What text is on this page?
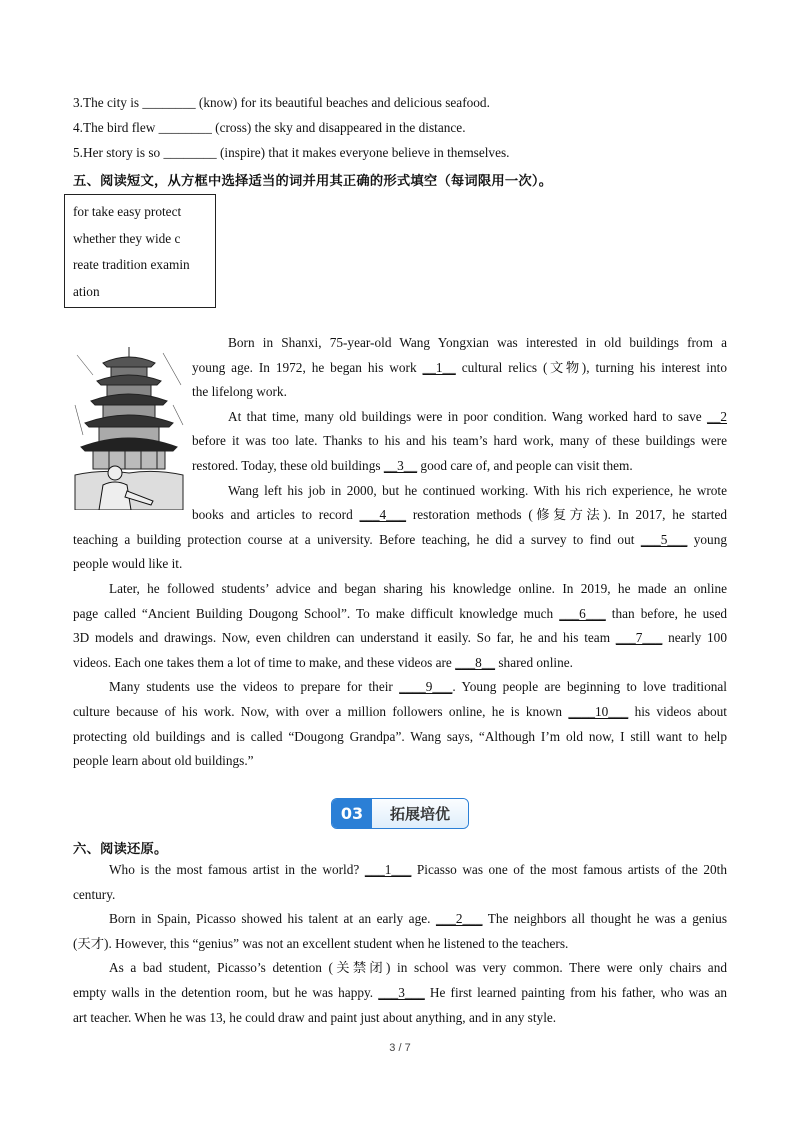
3.The city is ________ (know) for its beautiful beaches and delicious seafood.
4.The bird flew ________ (cross) the sky and disappeared in the distance.
5.Her story is so ________ (inspire) that it makes everyone believe in themselves.
五、阅读短文，从方框中选择适当的词并用其正确的形式填空（每词限用一次）。
for take easy protect
whether they wide c
reate tradition examin
ation
Born in Shanxi, 75-year-old Wang Yongxian was interested in old buildings from a
young age. In 1972, he began his work __1__ cultural relics (文物), turning his interest into
the lifelong work.
At that time, many old buildings were in poor condition. Wang worked hard to save __2
before it was too late. Thanks to his and his team’s hard work, many of these buildings were
restored. Today, these old buildings __3__ good care of, and people can visit them.
Wang left his job in 2000, but he continued working. With his rich experience, he wrote
books and articles to record ___4___ restoration methods (修复方法). In 2017, he started
teaching a building protection course at a university. Before teaching, he did a survey to find out ___5___ young
people would like it.
Later, he followed students’ advice and began sharing his knowledge online. In 2019, he made an online
page called “Ancient Building Dougong School”. To make difficult knowledge much ___6___ than before, he used
3D models and drawings. Now, even children can understand it easily. So far, he and his team ___7___ nearly 100
videos. Each one takes them a lot of time to make, and these videos are ___8__ shared online.
Many students use the videos to prepare for their ____9___. Young people are beginning to love traditional
culture because of his work. Now, with over a million followers online, he is known ____10___ his videos about
protecting old buildings and is called “Dougong Grandpa”. Wang says, “Although I’m old now, I still want to help
people learn about old buildings.”
03	拓展培优
六、阅读还原。
Who is the most famous artist in the world? ___1___ Picasso was one of the most famous artists of the 20th
century.
Born in Spain, Picasso showed his talent at an early age. ___2___ The neighbors all thought he was a genius
(天才). However, this “genius” was not an excellent student when he listened to the teachers.
As a bad student, Picasso’s detention (关禁闭) in school was very common. There were only chairs and
empty walls in the detention room, but he was happy. ___3___ He first learned painting from his father, who was an
art teacher. When he was 13, he could draw and paint just about anything, and in any style.
3 / 7
